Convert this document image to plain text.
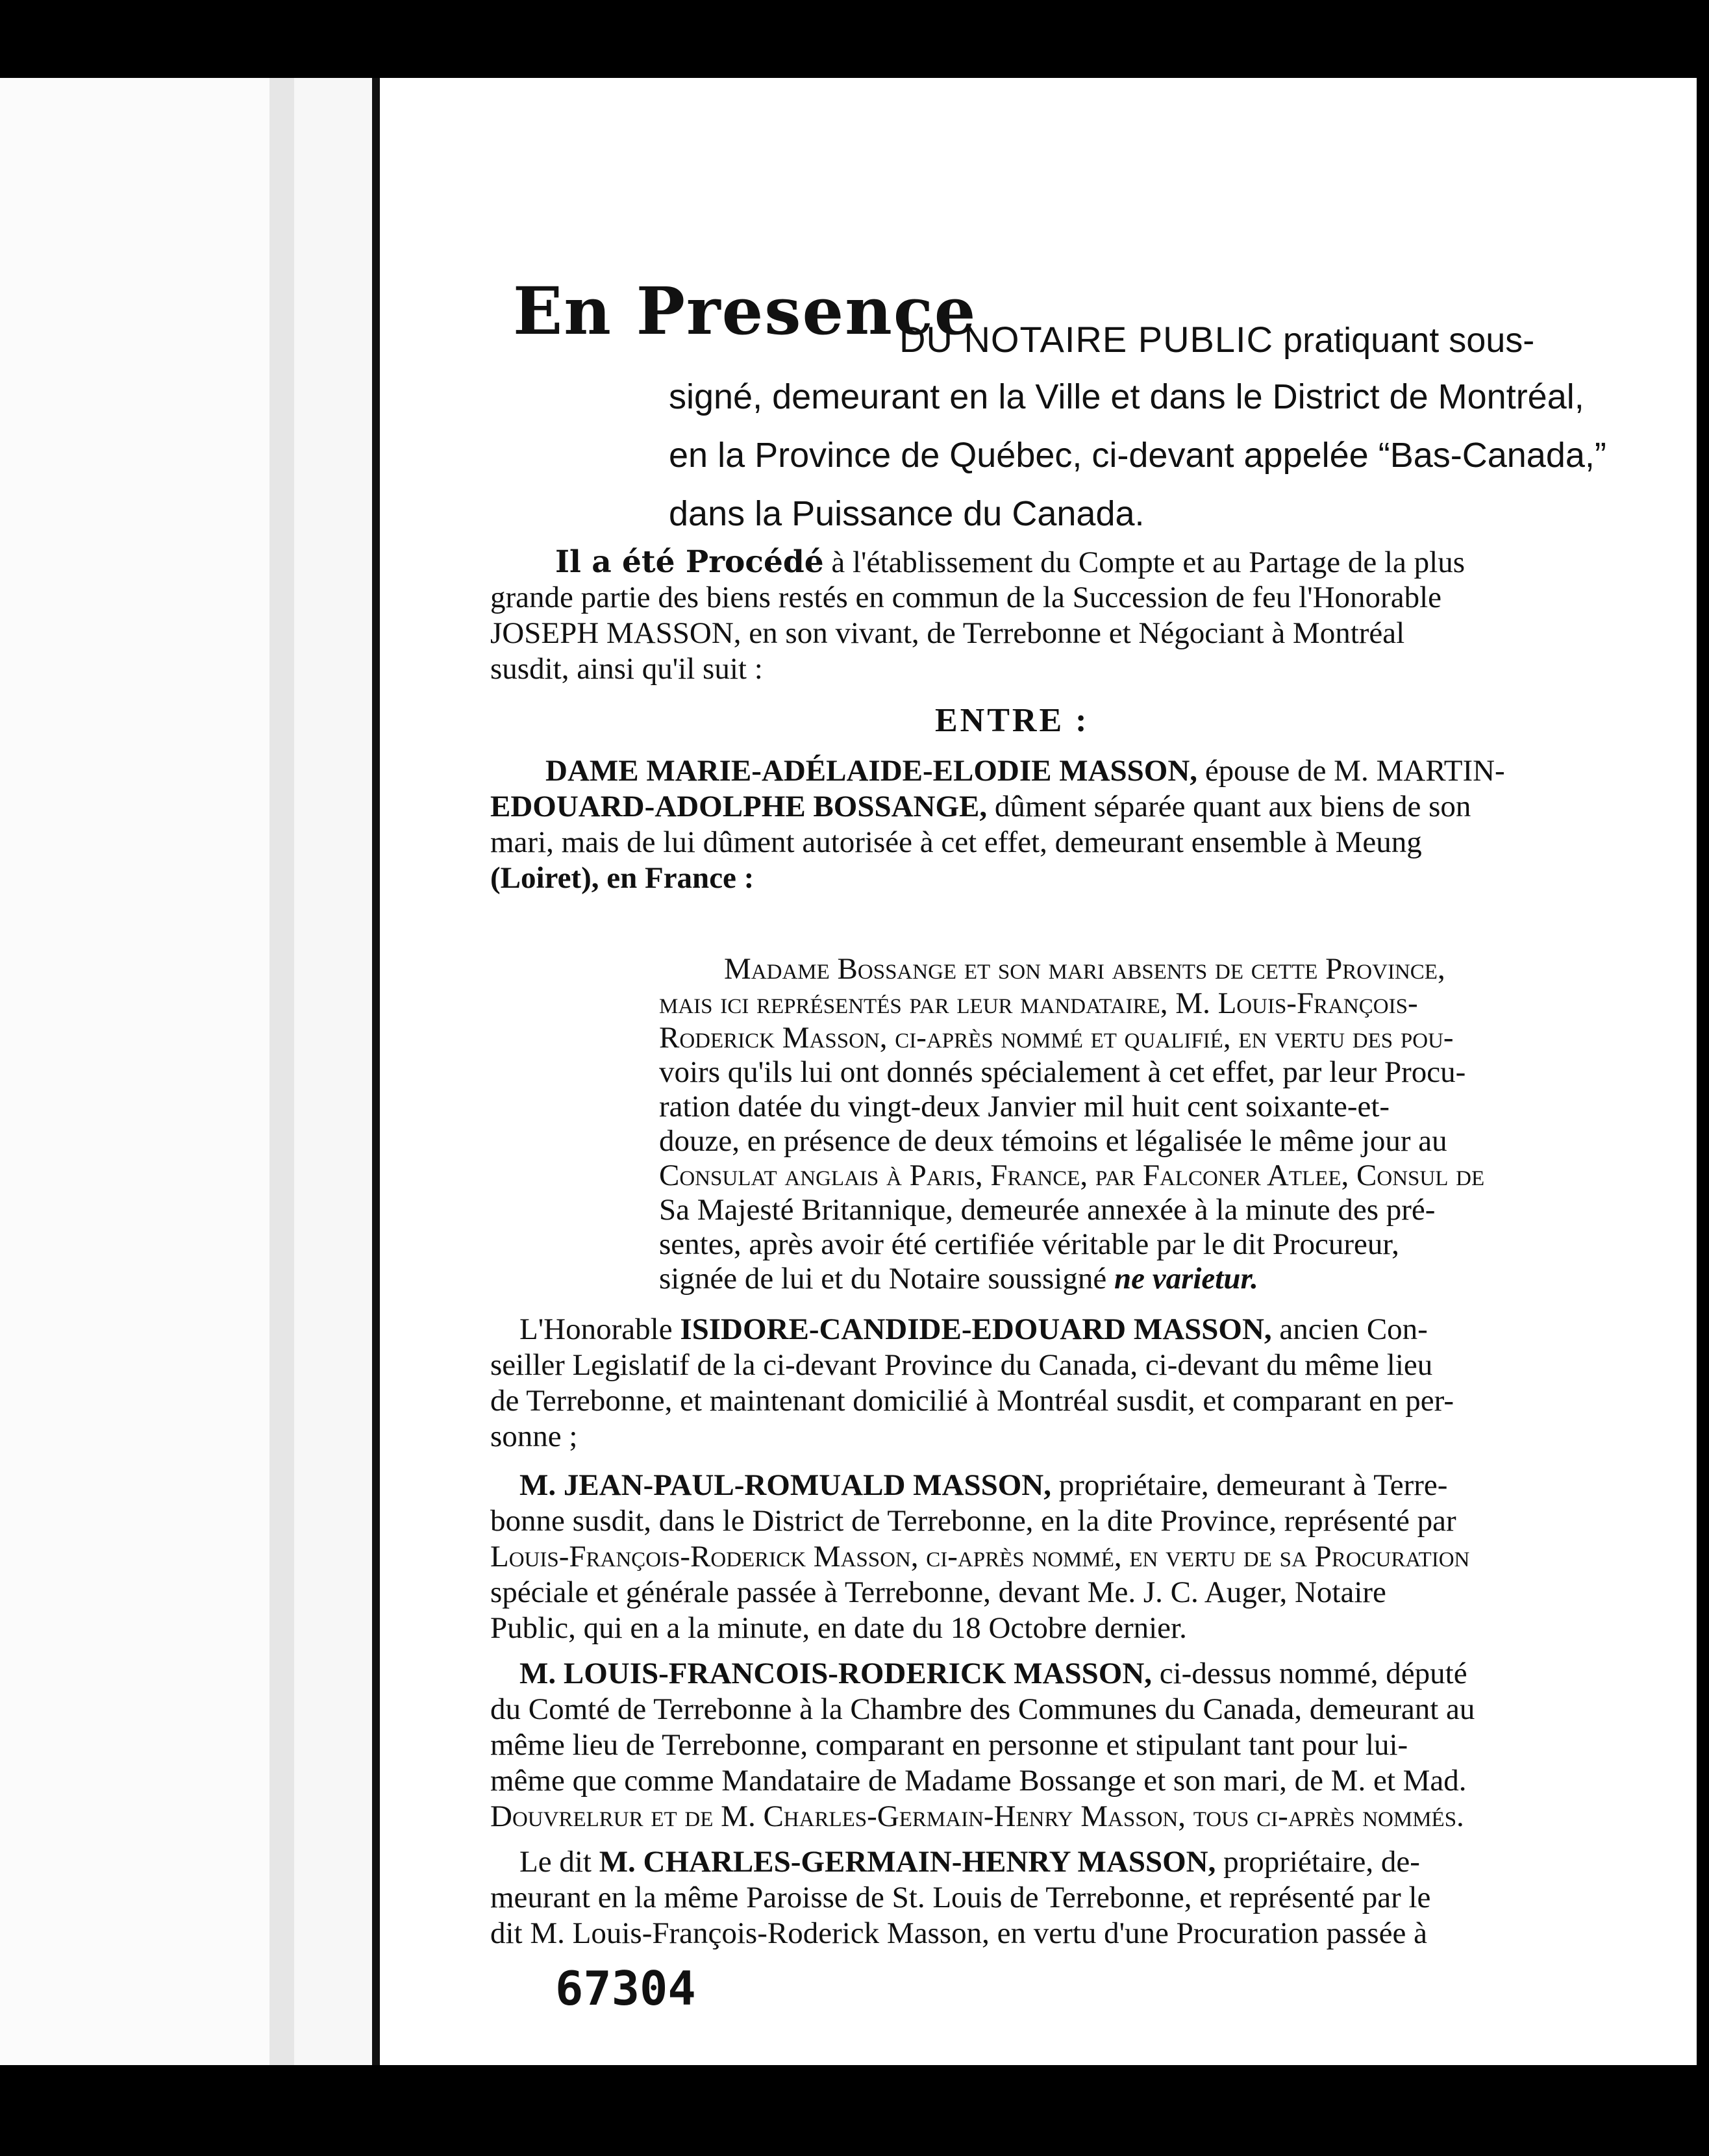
En Presence
DU NOTAIRE PUBLIC pratiquant sous-
signé, demeurant en la Ville et dans le District de Montréal,
en la Province de Québec, ci-devant appelée “Bas-Canada,”
dans la Puissance du Canada.
Il a été Procédé à l'établissement du Compte et au Partage de la plus
grande partie des biens restés en commun de la Succession de feu l'Honorable
JOSEPH MASSON, en son vivant, de Terrebonne et Négociant à Montréal
susdit, ainsi qu'il suit :
ENTRE :
DAME MARIE-ADÉLAIDE-ELODIE MASSON, épouse de M. MARTIN-
EDOUARD-ADOLPHE BOSSANGE, dûment séparée quant aux biens de son
mari, mais de lui dûment autorisée à cet effet, demeurant ensemble à Meung
(Loiret), en France :
Madame Bossange et son mari absents de cette Province,
mais ici représentés par leur mandataire, M. Louis-François-
Roderick Masson, ci-après nommé et qualifié, en vertu des pou-
voirs qu'ils lui ont donnés spécialement à cet effet, par leur Procu-
ration datée du vingt-deux Janvier mil huit cent soixante-et-
douze, en présence de deux témoins et légalisée le même jour au
Consulat anglais à Paris, France, par Falconer Atlee, Consul de
Sa Majesté Britannique, demeurée annexée à la minute des pré-
sentes, après avoir été certifiée véritable par le dit Procureur,
signée de lui et du Notaire soussigné ne varietur.
L'Honorable ISIDORE-CANDIDE-EDOUARD MASSON, ancien Con-
seiller Legislatif de la ci-devant Province du Canada, ci-devant du même lieu
de Terrebonne, et maintenant domicilié à Montréal susdit, et comparant en per-
sonne ;
M. JEAN-PAUL-ROMUALD MASSON, propriétaire, demeurant à Terre-
bonne susdit, dans le District de Terrebonne, en la dite Province, représenté par
Louis-François-Roderick Masson, ci-après nommé, en vertu de sa Procuration
spéciale et générale passée à Terrebonne, devant Me. J. C. Auger, Notaire
Public, qui en a la minute, en date du 18 Octobre dernier.
M. LOUIS-FRANCOIS-RODERICK MASSON, ci-dessus nommé, député
du Comté de Terrebonne à la Chambre des Communes du Canada, demeurant au
même lieu de Terrebonne, comparant en personne et stipulant tant pour lui-
même que comme Mandataire de Madame Bossange et son mari, de M. et Mad.
Douvrelrur et de M. Charles-Germain-Henry Masson, tous ci-après nommés.
Le dit M. CHARLES-GERMAIN-HENRY MASSON, propriétaire, de-
meurant en la même Paroisse de St. Louis de Terrebonne, et représenté par le
dit M. Louis-François-Roderick Masson, en vertu d'une Procuration passée à
67304
